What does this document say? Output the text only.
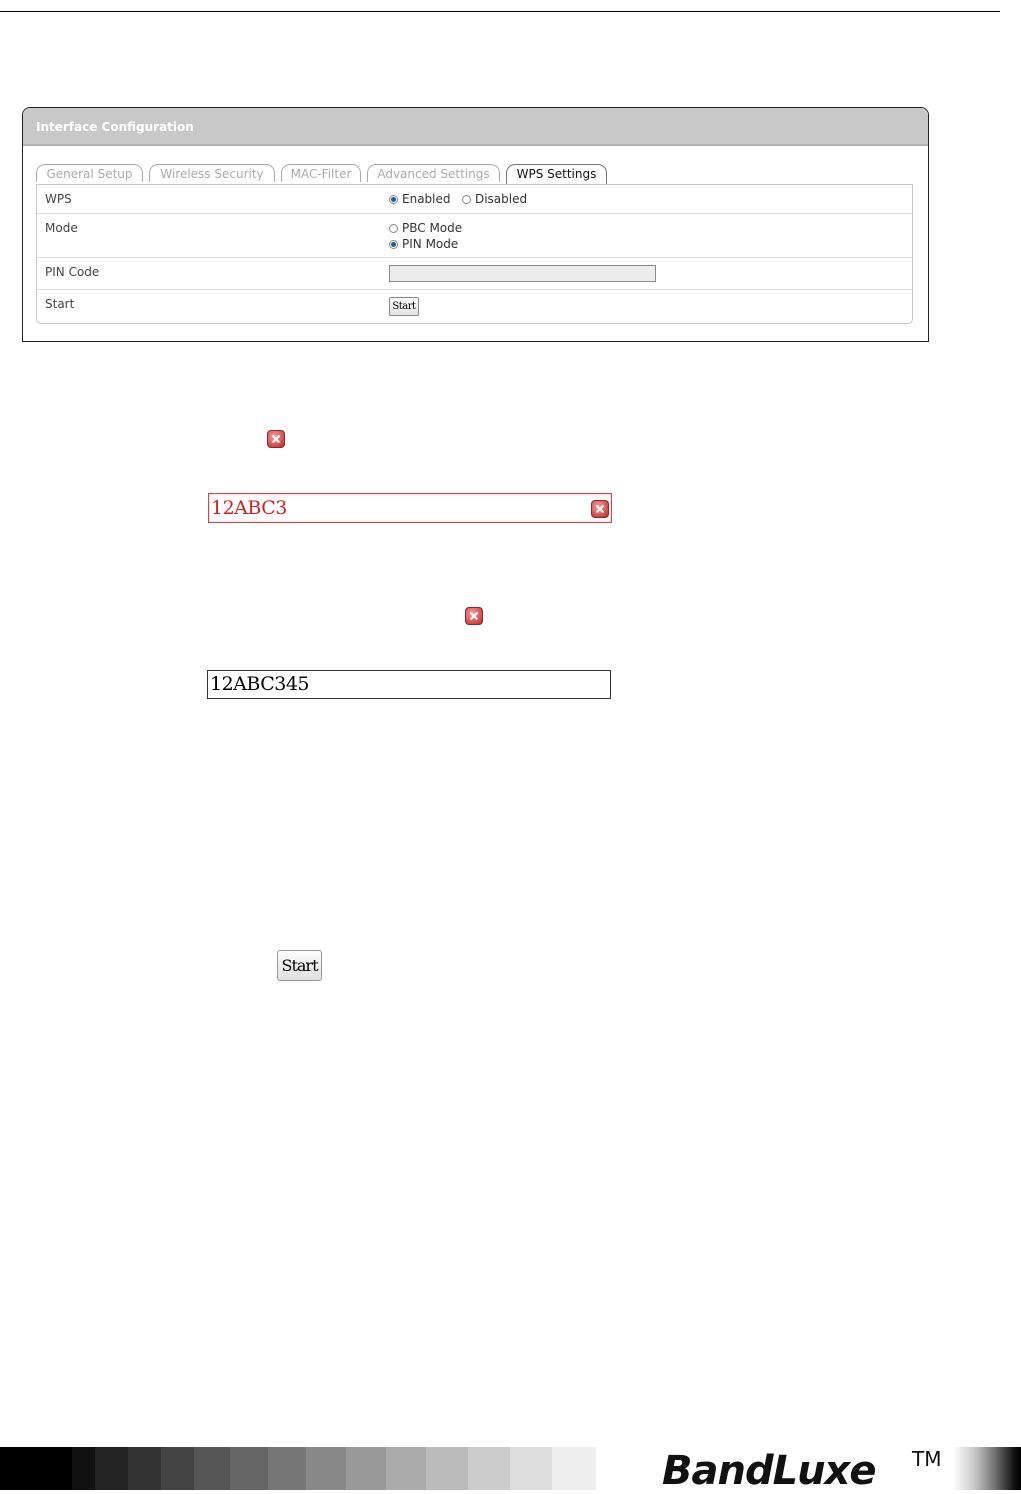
Interface Configuration
General Setup	Wireless Security	MAC-Filter	Advanced Settings	WPS Settings
WPS	Enabled Disabled
Mode	PBC Mode
PIN Mode
PIN Code
Start	Start
12ABC3
12ABC345
Start
BandLuxe TM
